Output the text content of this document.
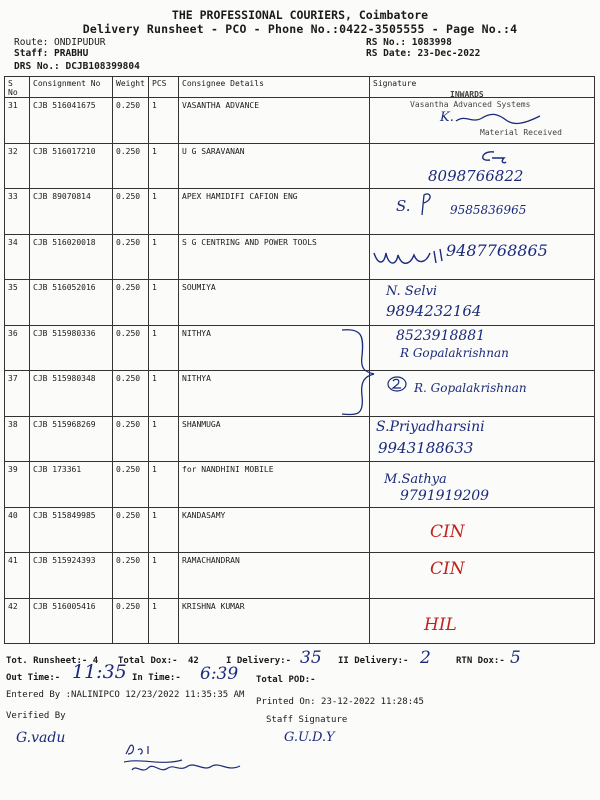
THE PROFESSIONAL COURIERS, Coimbatore
Delivery Runsheet - PCO - Phone No.:0422-3505555 - Page No.:4
Route: ONDIPUDUR
Staff: PRABHU
DRS No.: DCJB108399804
RS No.: 1083998
RS Date: 23-Dec-2022
S No	Consignment No	Weight	PCS	Consignee Details	Signature
31	CJB 516041675	0.250	1	VASANTHA ADVANCE	INWARDS
Vasantha Advanced Systems
K.
Material Received

32	CJB 516017210	0.250	1	U G SARAVANAN	8098766822

33	CJB 89070814	0.250	1	APEX HAMIDIFI CAFION ENG	S. 9585836965

34	CJB 516020018	0.250	1	S G CENTRING AND POWER TOOLS	9487768865

35	CJB 516052016	0.250	1	SOUMIYA	N. Selvi
9894232164

36	CJB 515980336	0.250	1	NITHYA	8523918881
R Gopalakrishnan

37	CJB 515980348	0.250	1	NITHYA	R. Gopalakrishnan

38	CJB 515968269	0.250	1	SHANMUGA	S.Priyadharsini
9943188633

39	CJB 173361	0.250	1	for NANDHINI MOBILE	M.Sathya
9791919209

40	CJB 515849985	0.250	1	KANDASAMY	CIN

41	CJB 515924393	0.250	1	RAMACHANDRAN	CIN

42	CJB 516005416	0.250	1	KRISHNA KUMAR	HIL
Tot. Runsheet:- 4 Total Dox:- 42	I Delivery:- 35 II Delivery:- 2	RTN Dox:- 5
Out Time:- 11:35 In Time:- 6:39 Total POD:-
Entered By :NALINIPCO 12/23/2022 11:35:35 AM
Printed On: 23-12-2022 11:28:45
Verified By	Staff Signature
G.vadu	G.U.D.Y
